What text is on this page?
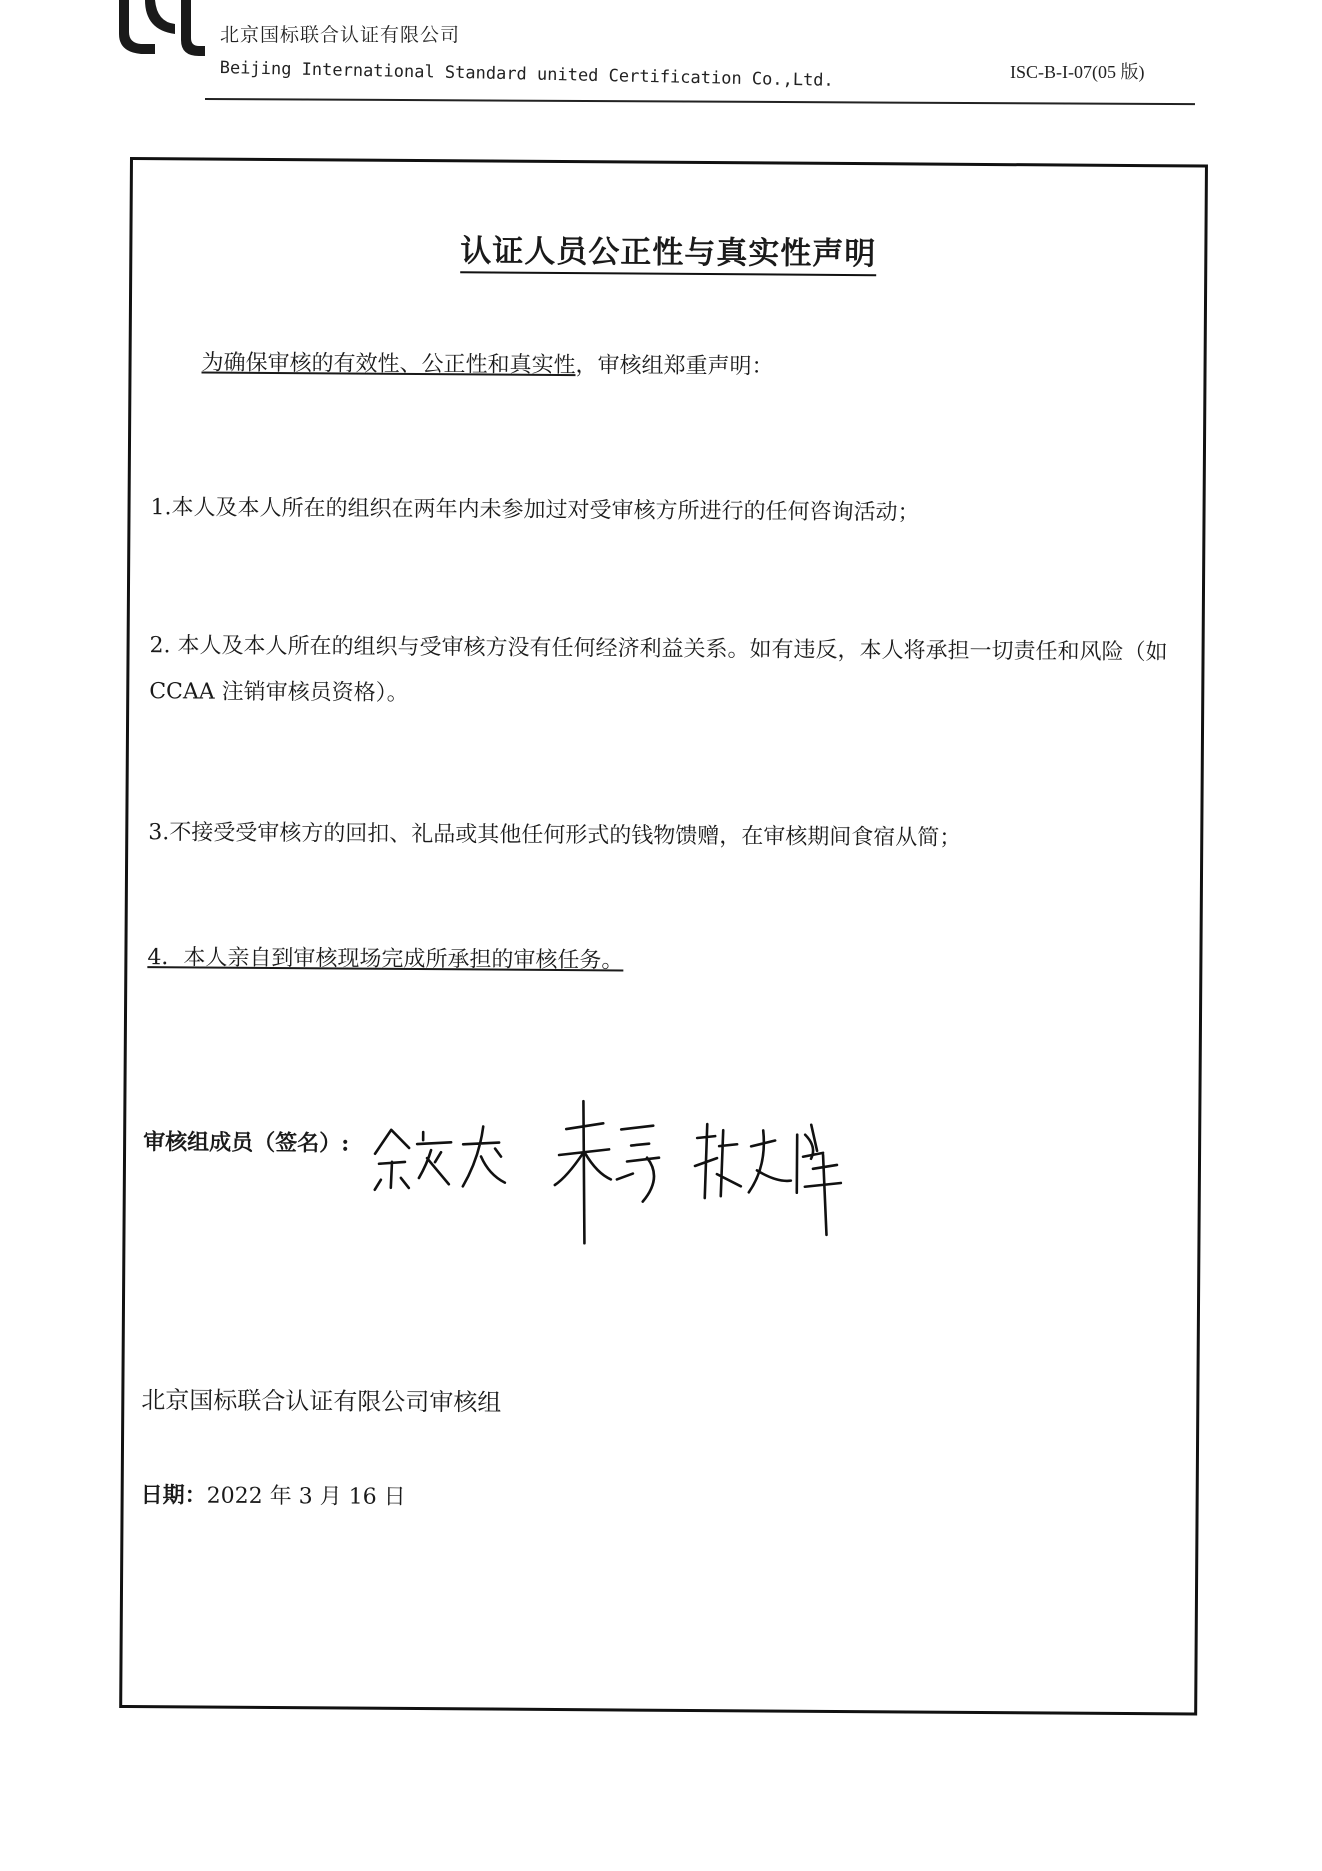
北京国标联合认证有限公司
Beijing International Standard united Certification Co.,Ltd.	ISC-B-I-07(05 版)
认证人员公正性与真实性声明
为确保审核的有效性、公正性和真实性，审核组郑重声明：
1.本人及本人所在的组织在两年内未参加过对受审核方所进行的任何咨询活动；
2. 本人及本人所在的组织与受审核方没有任何经济利益关系。如有违反，本人将承担一切责任和风险（如 CCAA 注销审核员资格）。
3.不接受受审核方的回扣、礼品或其他任何形式的钱物馈赠，在审核期间食宿从简；
4．本人亲自到审核现场完成所承担的审核任务。
审核组成员（签名）:
北京国标联合认证有限公司审核组
日期：2022 年 3 月 16 日
